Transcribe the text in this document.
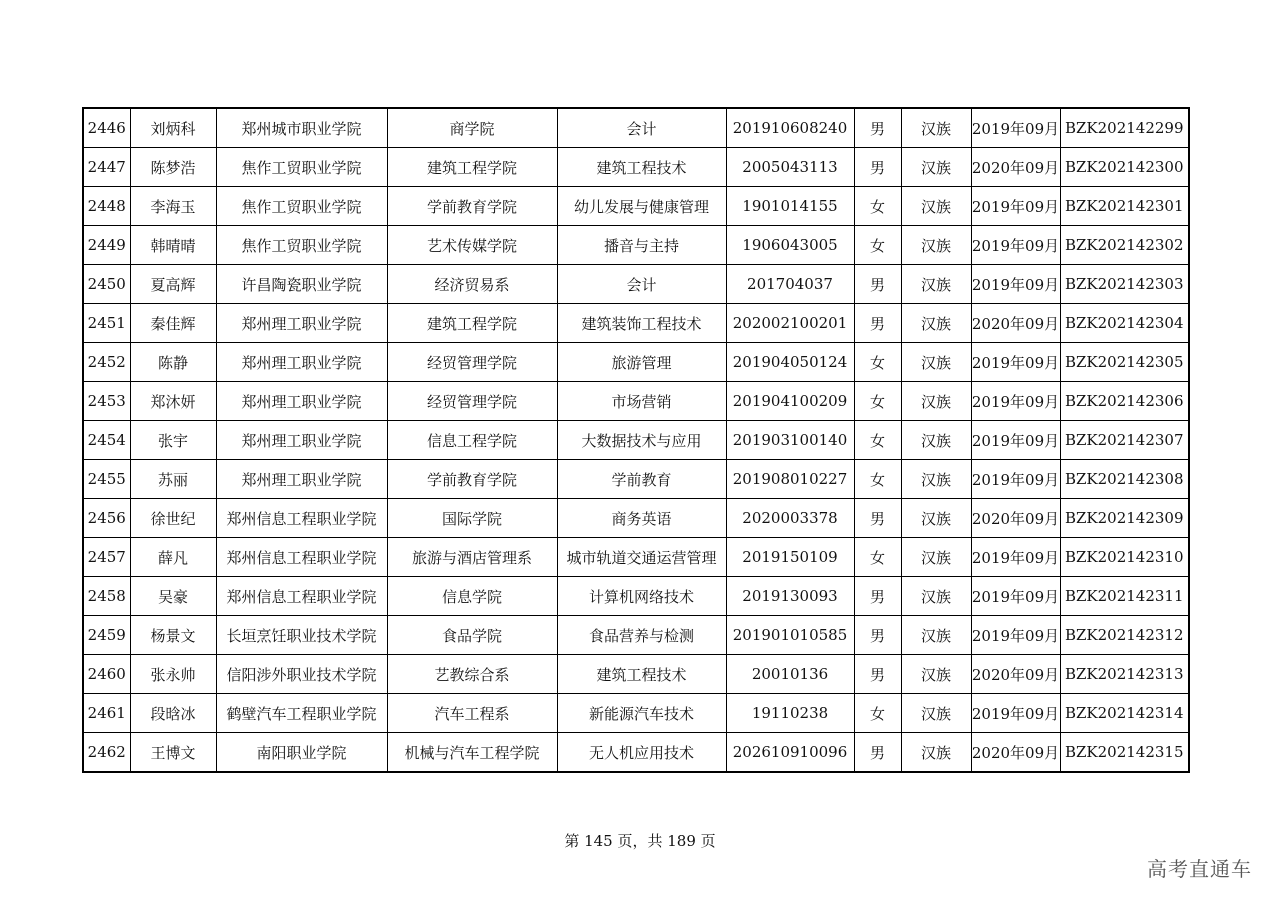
2446	刘炳科	郑州城市职业学院	商学院	会计	201910608240	男	汉族	2019年09月	BZK202142299
2447	陈梦浩	焦作工贸职业学院	建筑工程学院	建筑工程技术	2005043113	男	汉族	2020年09月	BZK202142300
2448	李海玉	焦作工贸职业学院	学前教育学院	幼儿发展与健康管理	1901014155	女	汉族	2019年09月	BZK202142301
2449	韩晴晴	焦作工贸职业学院	艺术传媒学院	播音与主持	1906043005	女	汉族	2019年09月	BZK202142302
2450	夏高辉	许昌陶瓷职业学院	经济贸易系	会计	201704037	男	汉族	2019年09月	BZK202142303
2451	秦佳辉	郑州理工职业学院	建筑工程学院	建筑装饰工程技术	202002100201	男	汉族	2020年09月	BZK202142304
2452	陈静	郑州理工职业学院	经贸管理学院	旅游管理	201904050124	女	汉族	2019年09月	BZK202142305
2453	郑沐妍	郑州理工职业学院	经贸管理学院	市场营销	201904100209	女	汉族	2019年09月	BZK202142306
2454	张宇	郑州理工职业学院	信息工程学院	大数据技术与应用	201903100140	女	汉族	2019年09月	BZK202142307
2455	苏丽	郑州理工职业学院	学前教育学院	学前教育	201908010227	女	汉族	2019年09月	BZK202142308
2456	徐世纪	郑州信息工程职业学院	国际学院	商务英语	2020003378	男	汉族	2020年09月	BZK202142309
2457	薛凡	郑州信息工程职业学院	旅游与酒店管理系	城市轨道交通运营管理	2019150109	女	汉族	2019年09月	BZK202142310
2458	吴豪	郑州信息工程职业学院	信息学院	计算机网络技术	2019130093	男	汉族	2019年09月	BZK202142311
2459	杨景文	长垣烹饪职业技术学院	食品学院	食品营养与检测	201901010585	男	汉族	2019年09月	BZK202142312
2460	张永帅	信阳涉外职业技术学院	艺教综合系	建筑工程技术	20010136	男	汉族	2020年09月	BZK202142313
2461	段晗冰	鹤壁汽车工程职业学院	汽车工程系	新能源汽车技术	19110238	女	汉族	2019年09月	BZK202142314
2462	王博文	南阳职业学院	机械与汽车工程学院	无人机应用技术	202610910096	男	汉族	2020年09月	BZK202142315
第 145 页，共 189 页
高考直通车
